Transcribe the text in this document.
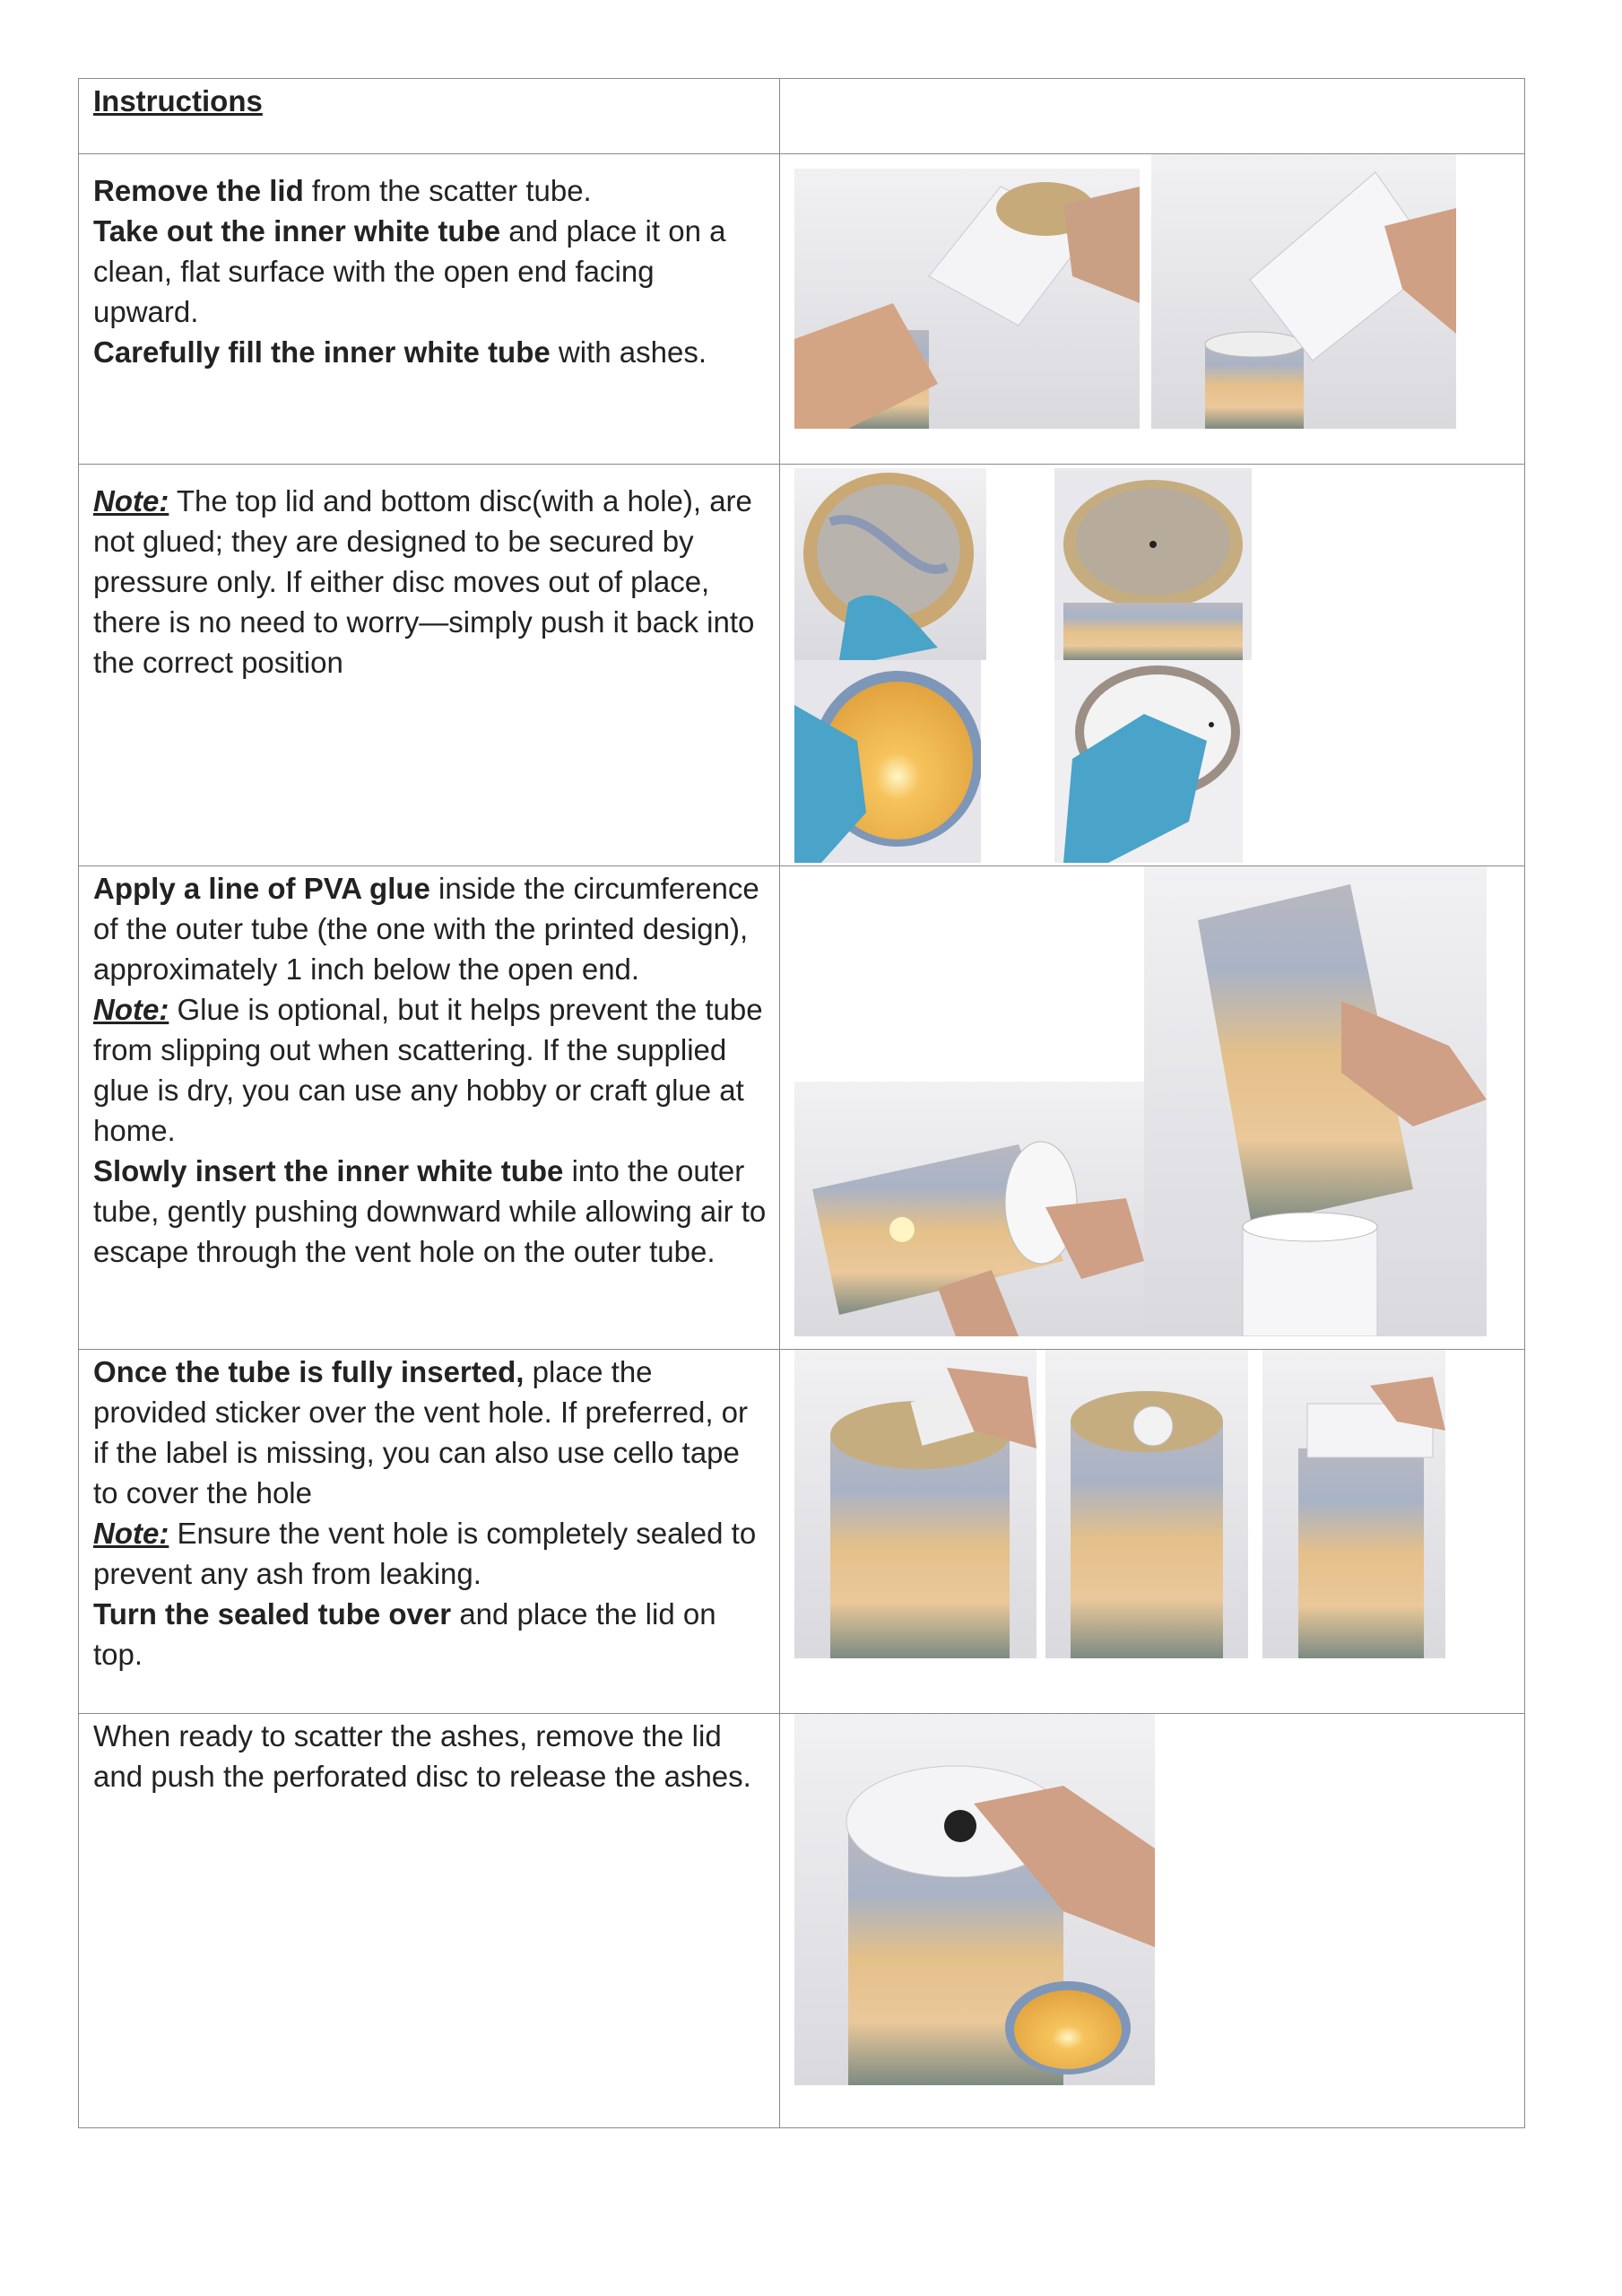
Instructions	

Remove the lid from the scatter tube.

Take out the inner white tube and place it on a clean, flat surface with the open end facing upward.

Carefully fill the inner white tube with ashes.

Note: The top lid and bottom disc(with a hole), are not glued; they are designed to be secured by pressure only. If either disc moves out of place, there is no need to worry—simply push it back into the correct position

Apply a line of PVA glue inside the circumference of the outer tube (the one with the printed design), approximately 1 inch below the open end.

Note: Glue is optional, but it helps prevent the tube from slipping out when scattering. If the supplied glue is dry, you can use any hobby or craft glue at home.

Slowly insert the inner white tube into the outer tube, gently pushing downward while allowing air to escape through the vent hole on the outer tube.

Once the tube is fully inserted, place the provided sticker over the vent hole. If preferred, or if the label is missing, you can also use cello tape to cover the hole

Note: Ensure the vent hole is completely sealed to prevent any ash from leaking.

Turn the sealed tube over and place the lid on top.

When ready to scatter the ashes, remove the lid and push the perforated disc to release the ashes.
